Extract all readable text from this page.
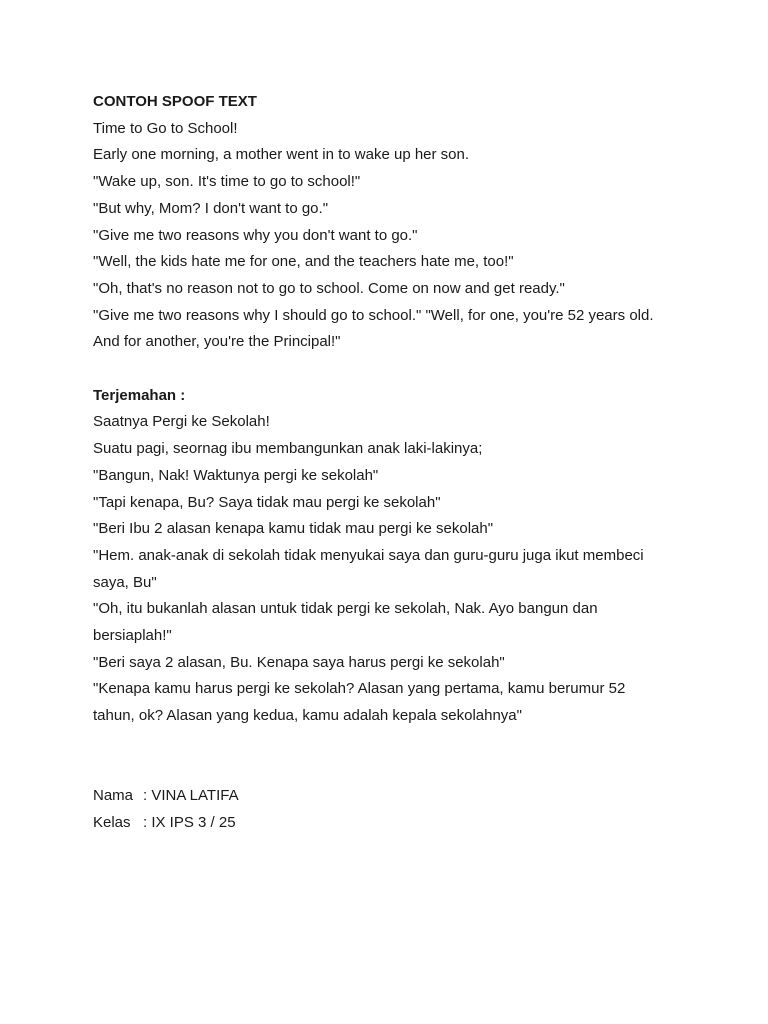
CONTOH SPOOF TEXT
Time to Go to School!
Early one morning, a mother went in to wake up her son.
"Wake up, son. It's time to go to school!"
"But why, Mom? I don't want to go."
"Give me two reasons why you don't want to go."
"Well, the kids hate me for one, and the teachers hate me, too!"
"Oh, that's no reason not to go to school. Come on now and get ready."
"Give me two reasons why I should go to school." "Well, for one, you're 52 years old.
And for another, you're the Principal!"
Terjemahan :
Saatnya Pergi ke Sekolah!
Suatu pagi, seornag ibu membangunkan anak laki-lakinya;
"Bangun, Nak! Waktunya pergi ke sekolah"
"Tapi kenapa, Bu? Saya tidak mau pergi ke sekolah"
"Beri Ibu 2 alasan kenapa kamu tidak mau pergi ke sekolah"
"Hem. anak-anak di sekolah tidak menyukai saya dan guru-guru juga ikut membeci
saya, Bu"
"Oh, itu bukanlah alasan untuk tidak pergi ke sekolah, Nak. Ayo bangun dan
bersiaplah!"
"Beri saya 2 alasan, Bu. Kenapa saya harus pergi ke sekolah"
"Kenapa kamu harus pergi ke sekolah? Alasan yang pertama, kamu berumur 52
tahun, ok? Alasan yang kedua, kamu adalah kepala sekolahnya"
Nama : VINA LATIFA
Kelas : IX IPS 3 / 25
